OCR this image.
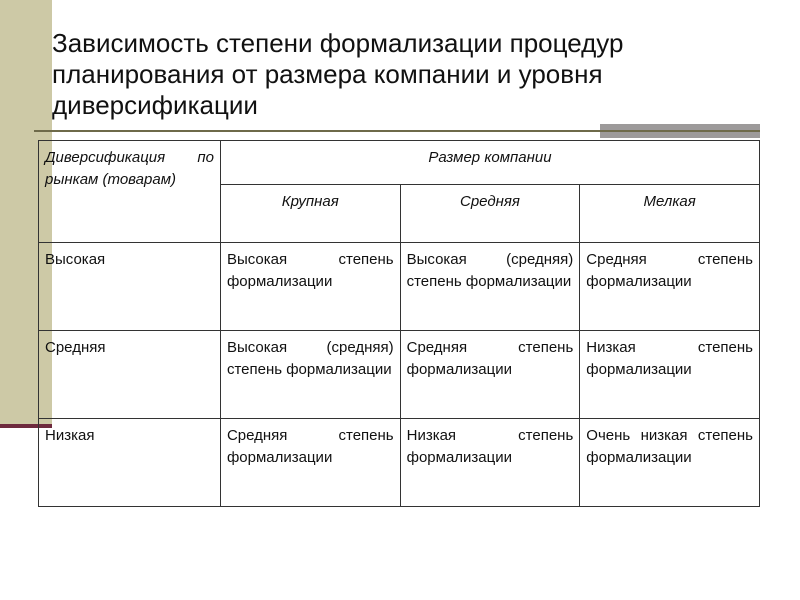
Зависимость степени формализации процедур планирования от размера компании и уровня диверсификации
Диверсификация по рынкам (товарам)	Размер компании		
	Крупная	Средняя	Мелкая
Высокая	Высокая степень формализации	Высокая (средняя) степень формализации	Средняя степень формализации
Средняя	Высокая (средняя) степень формализации	Средняя степень формализации	Низкая степень формализации
Низкая	Средняя степень формализации	Низкая степень формализации	Очень низкая степень формализации
